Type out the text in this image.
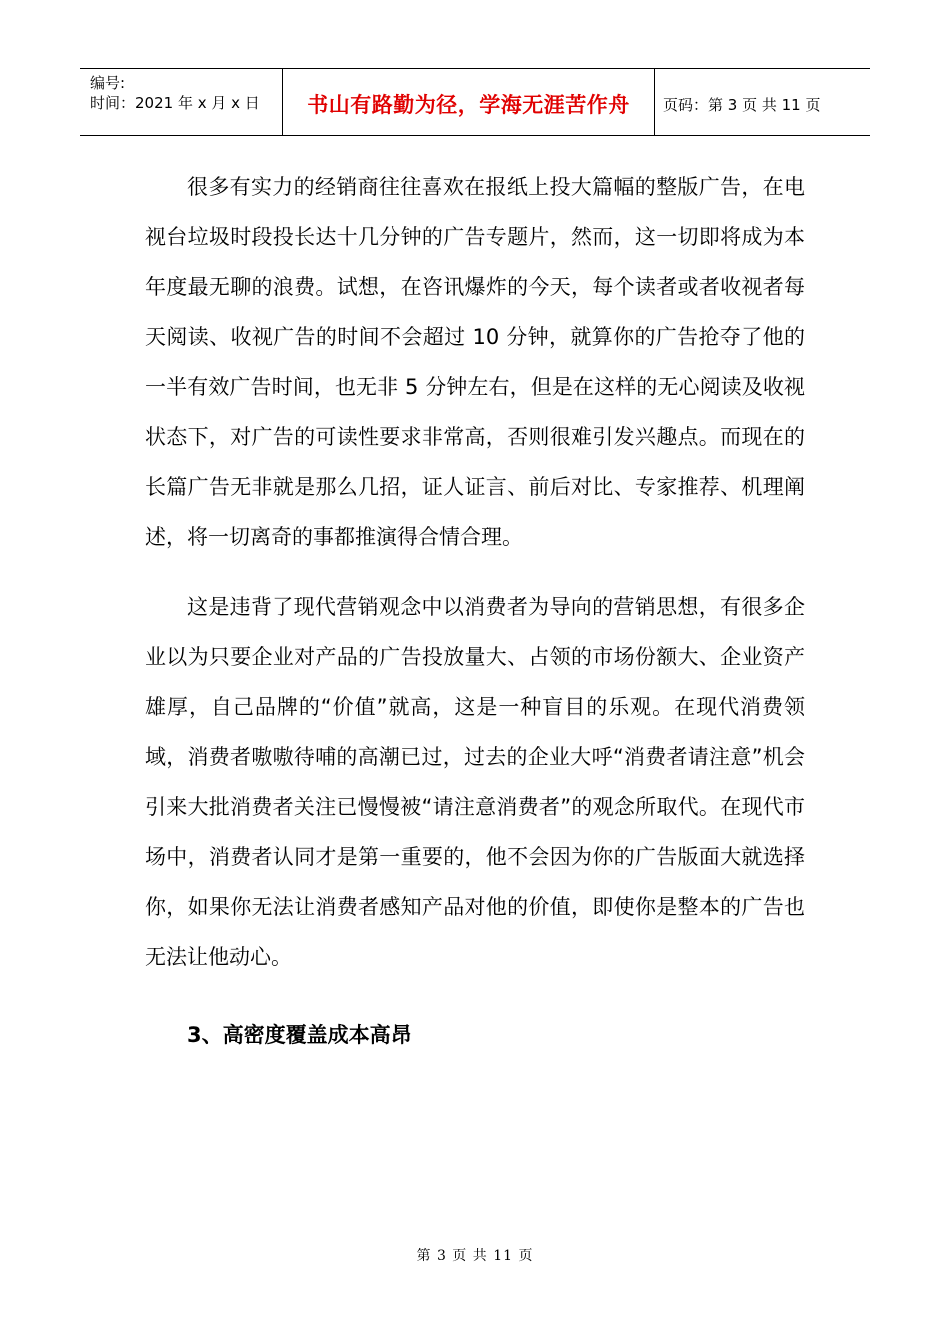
编号:
时间：2021 年 x 月 x 日	书山有路勤为径，学海无涯苦作舟 页码：第 3 页 共 11 页

很多有实力的经销商往往喜欢在报纸上投大篇幅的整版广告，在电视台垃圾时段投长达十几分钟的广告专题片，然而，这一切即将成为本年度最无聊的浪费。试想，在咨讯爆炸的今天，每个读者或者收视者每天阅读、收视广告的时间不会超过 10 分钟，就算你的广告抢夺了他的一半有效广告时间，也无非 5 分钟左右，但是在这样的无心阅读及收视状态下，对广告的可读性要求非常高，否则很难引发兴趣点。而现在的长篇广告无非就是那么几招，证人证言、前后对比、专家推荐、机理阐述，将一切离奇的事都推演得合情合理。

这是违背了现代营销观念中以消费者为导向的营销思想，有很多企业以为只要企业对产品的广告投放量大、占领的市场份额大、企业资产雄厚，自己品牌的“价值”就高，这是一种盲目的乐观。在现代消费领域，消费者嗷嗷待哺的高潮已过，过去的企业大呼“消费者请注意”机会引来大批消费者关注已慢慢被“请注意消费者”的观念所取代。在现代市场中，消费者认同才是第一重要的，他不会因为你的广告版面大就选择你，如果你无法让消费者感知产品对他的价值，即使你是整本的广告也无法让他动心。

3、高密度覆盖成本高昂

第 3 页 共 11 页
